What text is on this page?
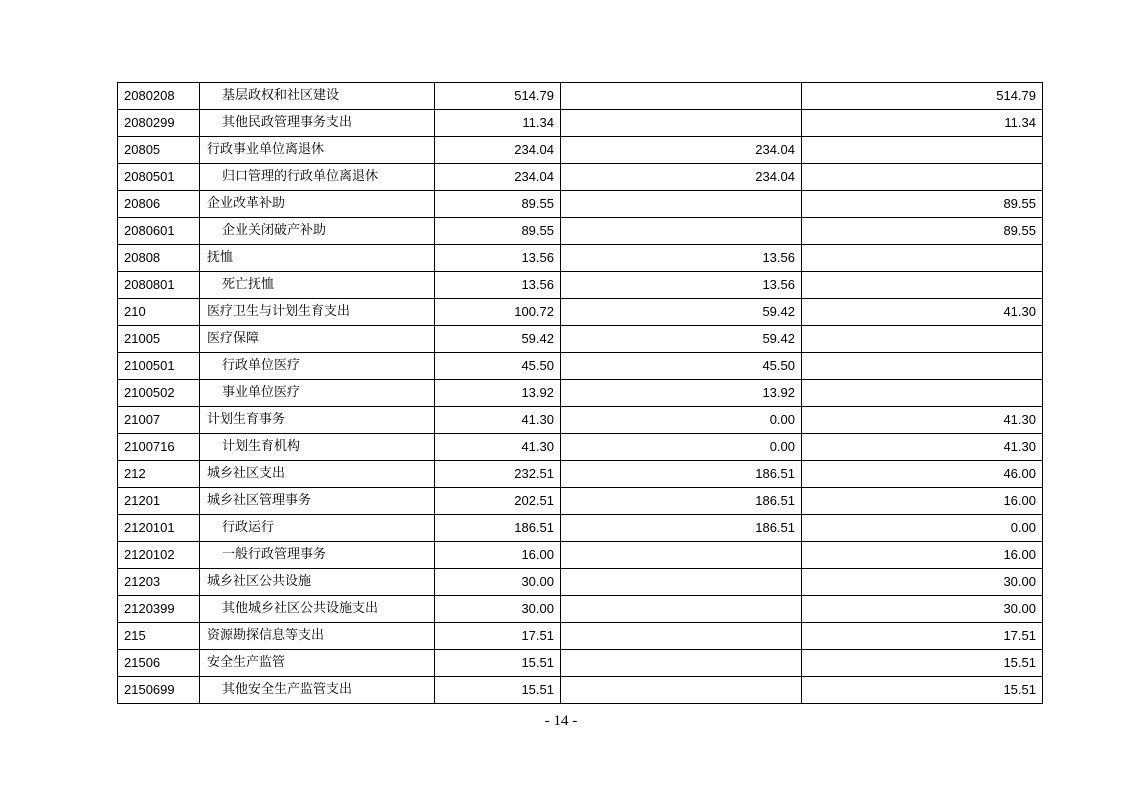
2080208	基层政权和社区建设	514.79		514.79
2080299	其他民政管理事务支出	11.34		11.34
20805	行政事业单位离退休	234.04	234.04	
2080501	归口管理的行政单位离退休	234.04	234.04	
20806	企业改革补助	89.55		89.55
2080601	企业关闭破产补助	89.55		89.55
20808	抚恤	13.56	13.56	
2080801	死亡抚恤	13.56	13.56	
210	医疗卫生与计划生育支出	100.72	59.42	41.30
21005	医疗保障	59.42	59.42	
2100501	行政单位医疗	45.50	45.50	
2100502	事业单位医疗	13.92	13.92	
21007	计划生育事务	41.30	0.00	41.30
2100716	计划生育机构	41.30	0.00	41.30
212	城乡社区支出	232.51	186.51	46.00
21201	城乡社区管理事务	202.51	186.51	16.00
2120101	行政运行	186.51	186.51	0.00
2120102	一般行政管理事务	16.00		16.00
21203	城乡社区公共设施	30.00		30.00
2120399	其他城乡社区公共设施支出	30.00		30.00
215	资源勘探信息等支出	17.51		17.51
21506	安全生产监管	15.51		15.51
2150699	其他安全生产监管支出	15.51		15.51
- 14 -
